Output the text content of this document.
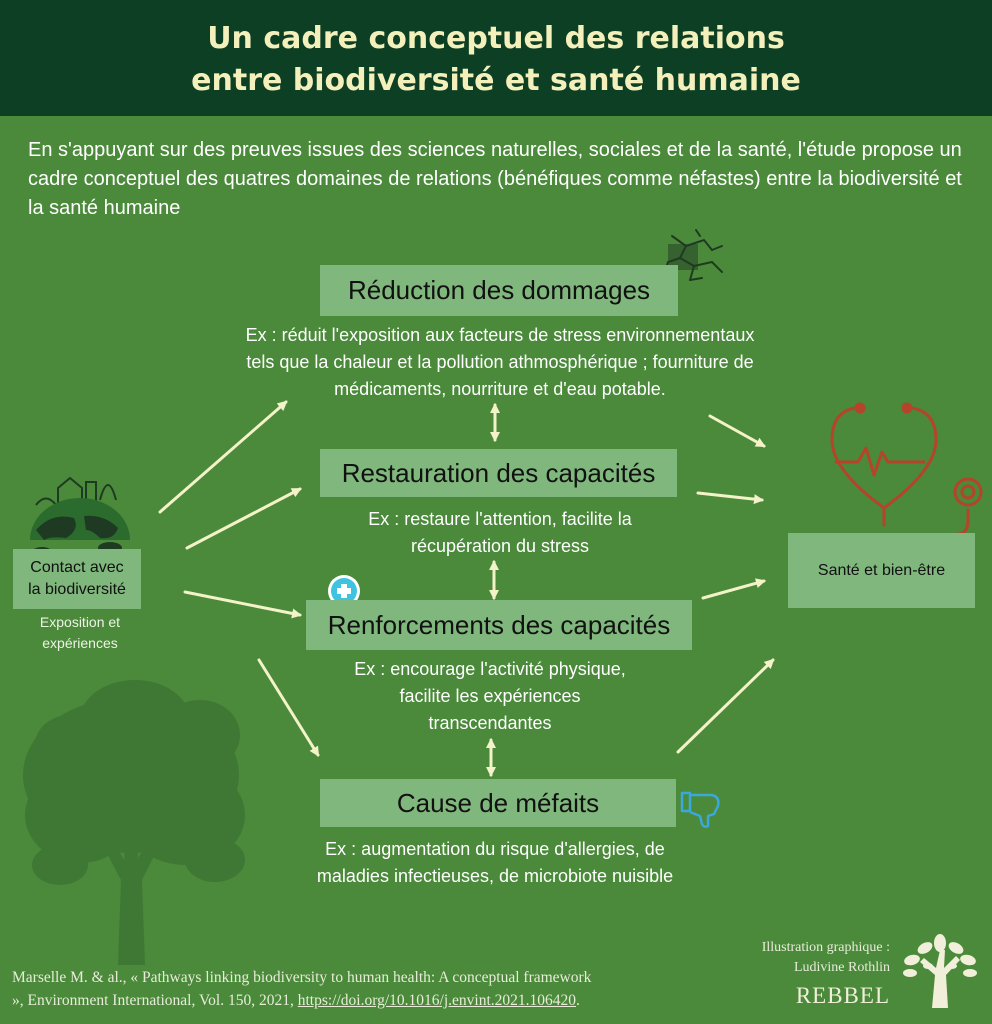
Un cadre conceptuel des relations
entre biodiversité et santé humaine

En s'appuyant sur des preuves issues des sciences naturelles, sociales et de la santé, l'étude propose un cadre conceptuel des quatres domaines de relations (bénéfiques comme néfastes) entre la biodiversité et la santé humaine

Contact avec
la biodiversité
Exposition et
expériences
Santé et bien-être
Réduction des dommages
Ex : réduit l'exposition aux facteurs de stress environnementaux
tels que la chaleur et la pollution athmosphérique ; fourniture de
médicaments, nourriture et d'eau potable.
Restauration des capacités
Ex : restaure l'attention, facilite la
récupération du stress
Renforcements des capacités
Ex : encourage l'activité physique,
facilite les expériences
transcendantes
Cause de méfaits
Ex : augmentation du risque d'allergies, de
maladies infectieuses, de microbiote nuisible
Marselle M. & al., « Pathways linking biodiversity to human health: A conceptual framework
», Environment International, Vol. 150, 2021, https://doi.org/10.1016/j.envint.2021.106420.
Illustration graphique :
Ludivine Rothlin
REBBEL
